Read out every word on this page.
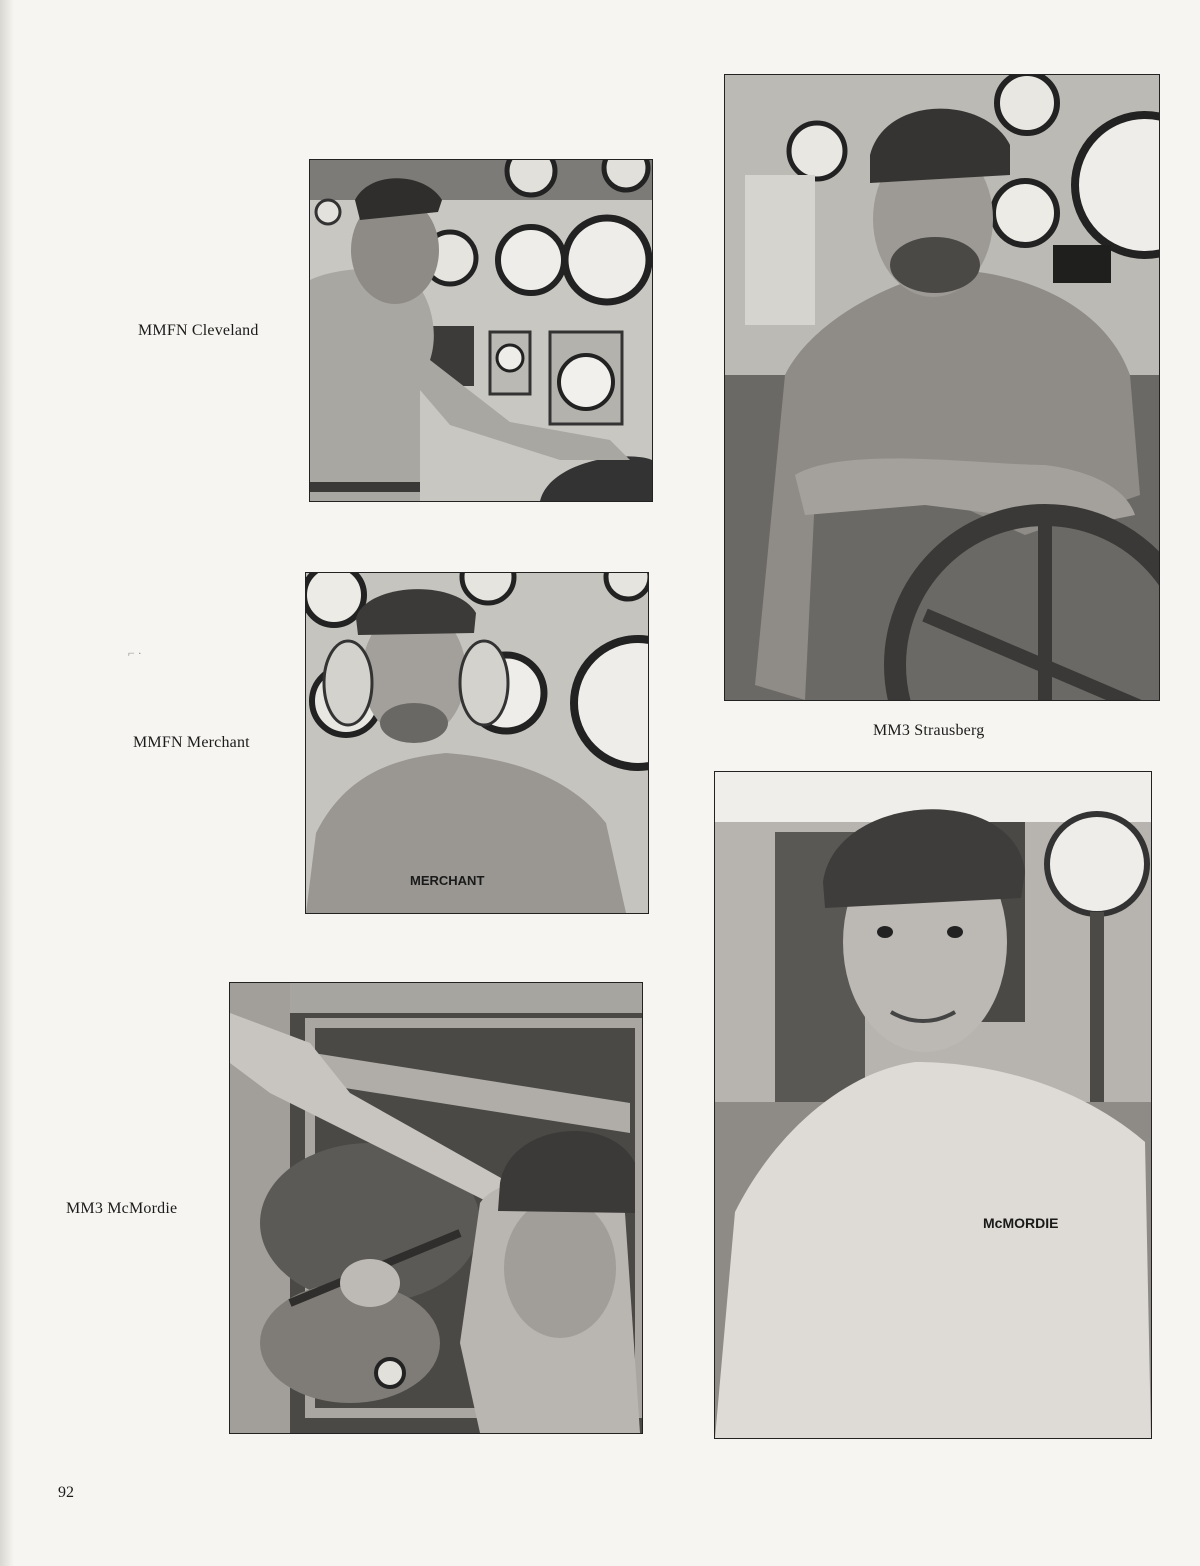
MMFN Cleveland
MM3 Strausberg
MERCHANT
MMFN Merchant
⌐ ·
MM3 McMordie
McMORDIE
92
